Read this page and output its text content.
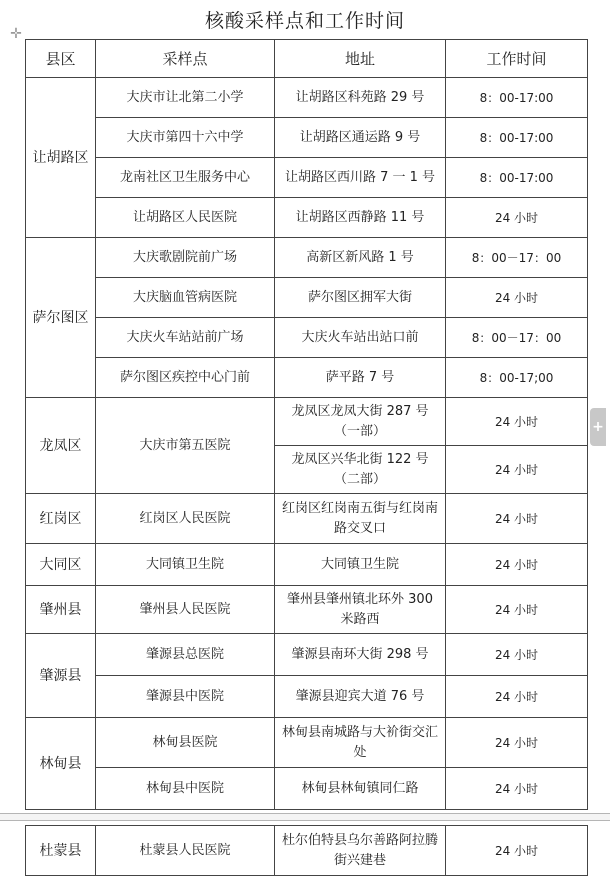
核酸采样点和工作时间
✛
+
县区	采样点	地址	工作时间
让胡路区	大庆市让北第二小学	让胡路区科苑路 29 号	8：00-17:00
	大庆市第四十六中学	让胡路区通运路 9 号	8：00-17:00
	龙南社区卫生服务中心	让胡路区西川路 7 一 1 号	8：00-17:00
	让胡路区人民医院	让胡路区西静路 11 号	24 小时
萨尔图区	大庆歌剧院前广场	高新区新风路 1 号	8：00－17：00
	大庆脑血管病医院	萨尔图区拥军大街	24 小时
	大庆火车站站前广场	大庆火车站出站口前	8：00－17：00
	萨尔图区疾控中心门前	萨平路 7 号	8：00-17;00
龙凤区	大庆市第五医院	龙凤区龙凤大街 287 号（一部）	24 小时
		龙凤区兴华北街 122 号（二部）	24 小时
红岗区	红岗区人民医院	红岗区红岗南五街与红岗南路交叉口	24 小时
大同区	大同镇卫生院	大同镇卫生院	24 小时
肇州县	肇州县人民医院	肇州县肇州镇北环外 300 米路西	24 小时
肇源县	肇源县总医院	肇源县南环大街 298 号	24 小时
	肇源县中医院	肇源县迎宾大道 76 号	24 小时
林甸县	林甸县医院	林甸县南城路与大衸街交汇处	24 小时
	林甸县中医院	林甸县林甸镇同仁路	24 小时
杜蒙县	杜蒙县人民医院	杜尔伯特县乌尔善路阿拉腾街兴建巷	24 小时
